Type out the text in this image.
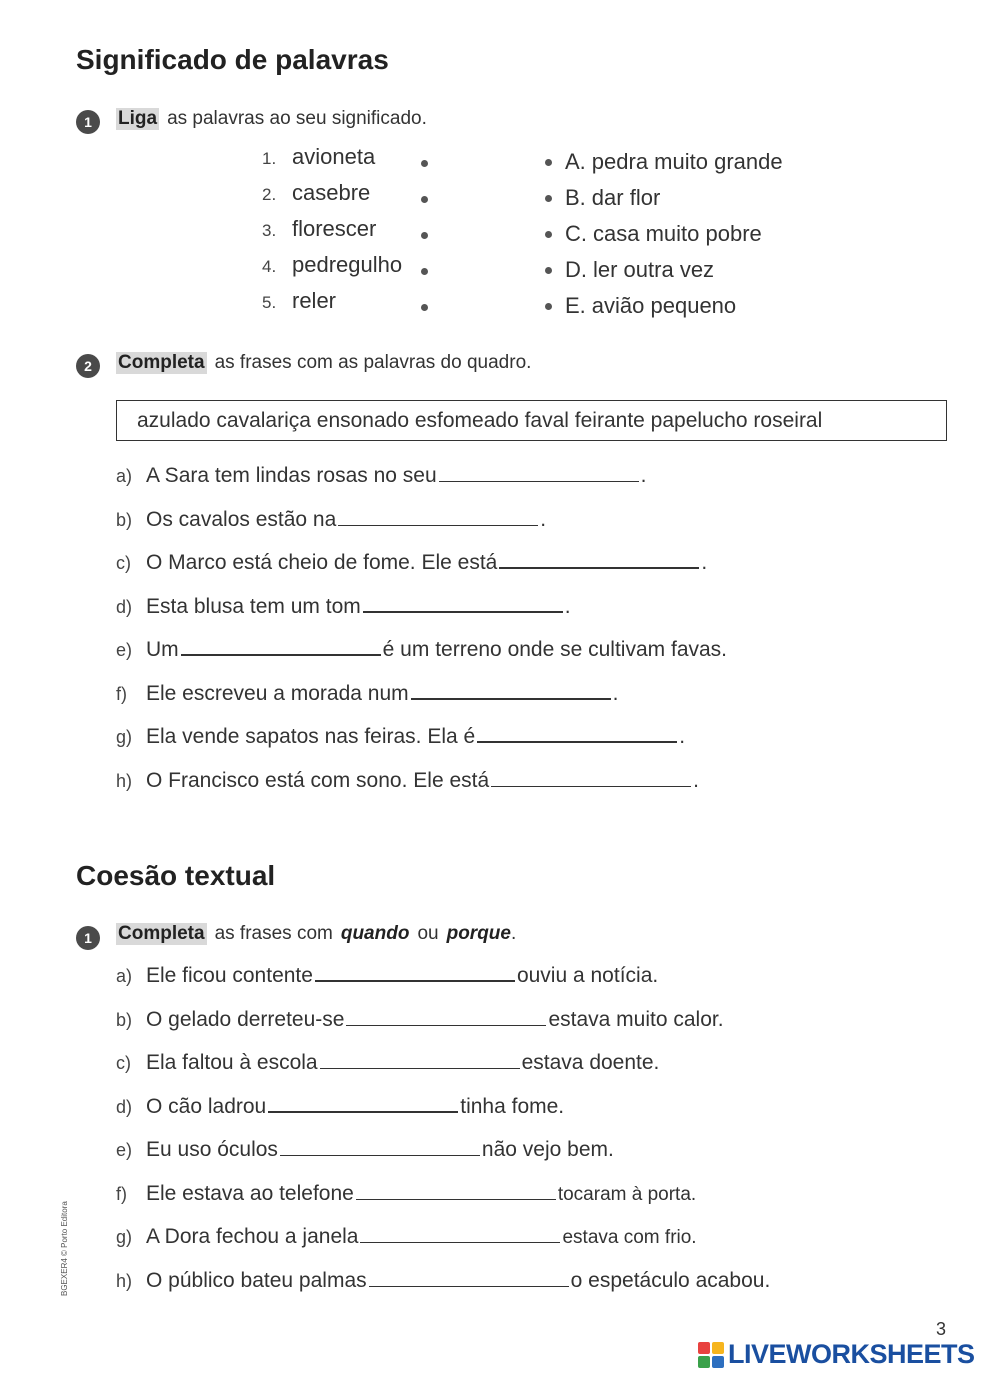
Significado de palavras
1	Liga as palavras ao seu significado.
1. avioneta
2. casebre
3. florescer
4. pedregulho
5. reler
A. pedra muito grande
B. dar flor
C. casa muito pobre
D. ler outra vez
E. avião pequeno
2	Completa as frases com as palavras do quadro.
azulado cavalariça ensonado esfomeado faval feirante papelucho roseiral
a) A Sara tem lindas rosas no seu	.
b) Os cavalos estão na	.
c) O Marco está cheio de fome. Ele está	.
d) Esta blusa tem um tom	.
e) Um	é um terreno onde se cultivam favas.
f) Ele escreveu a morada num	.
g) Ela vende sapatos nas feiras. Ela é	.
h) O Francisco está com sono. Ele está	.
Coesão textual
1	Completa as frases com quando ou porque .
a) Ele ficou contente	ouviu a notícia.
b) O gelado derreteu-se	estava muito calor.
c) Ela faltou à escola	estava doente.
d) O cão ladrou	tinha fome.
e) Eu uso óculos	não vejo bem.
f) Ele estava ao telefone	tocaram à porta.
g) A Dora fechou a janela	estava com frio.
h) O público bateu palmas	o espetáculo acabou.
BGEXER4 © Porto Editora
3
LIVEWORKSHEETS
